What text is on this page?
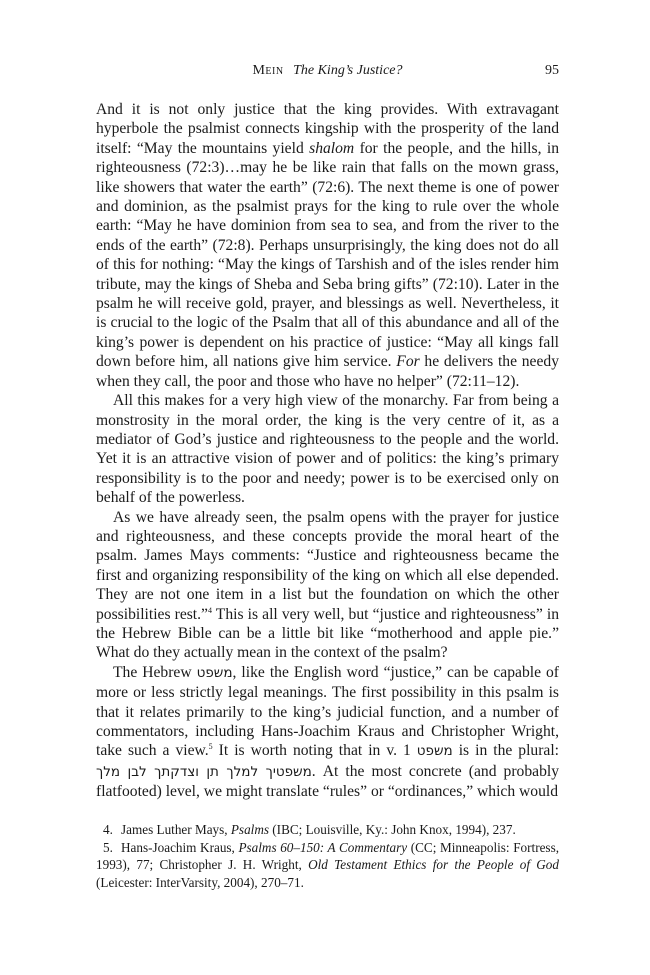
Mein The King’s Justice?	95

And it is not only justice that the king provides. With extravagant hyperbole the psalmist connects kingship with the prosperity of the land itself: “May the mountains yield shalom for the people, and the hills, in righteousness (72:3)…may he be like rain that falls on the mown grass, like showers that water the earth” (72:6). The next theme is one of power and dominion, as the psalmist prays for the king to rule over the whole earth: “May he have dominion from sea to sea, and from the river to the ends of the earth” (72:8). Perhaps unsurprisingly, the king does not do all of this for nothing: “May the kings of Tarshish and of the isles render him tribute, may the kings of Sheba and Seba bring gifts” (72:10). Later in the psalm he will receive gold, prayer, and blessings as well. Nevertheless, it is crucial to the logic of the Psalm that all of this abundance and all of the king’s power is dependent on his practice of justice: “May all kings fall down before him, all nations give him service. For he delivers the needy when they call, the poor and those who have no helper” (72:11–12).

All this makes for a very high view of the monarchy. Far from being a monstrosity in the moral order, the king is the very centre of it, as a mediator of God’s justice and righteousness to the people and the world. Yet it is an attractive vision of power and of politics: the king’s primary responsibility is to the poor and needy; power is to be exercised only on behalf of the powerless.

As we have already seen, the psalm opens with the prayer for justice and righteousness, and these concepts provide the moral heart of the psalm. James Mays comments: “Justice and righteousness became the first and organizing responsibility of the king on which all else depended. They are not one item in a list but the foundation on which the other possibilities rest.”$^4$ This is all very well, but “justice and righteousness” in the Hebrew Bible can be a little bit like “motherhood and apple pie.” What do they actually mean in the context of the psalm?

The Hebrew משפט, like the English word “justice,” can be capable of more or less strictly legal meanings. The first possibility in this psalm is that it relates primarily to the king’s judicial function, and a number of commentators, including Hans-Joachim Kraus and Christopher Wright, take such a view.$^5$ It is worth noting that in v. 1 משפט is in the plural: משפטיך למלך תן וצדקתך לבן מלך. At the most concrete (and probably flatfooted) level, we might translate “rules” or “ordinances,” which would

4. James Luther Mays, Psalms (IBC; Louisville, Ky.: John Knox, 1994), 237.

5. Hans-Joachim Kraus, Psalms 60–150: A Commentary (CC; Minneapolis: Fortress, 1993), 77; Christopher J. H. Wright, Old Testament Ethics for the People of God (Leicester: InterVarsity, 2004), 270–71.
